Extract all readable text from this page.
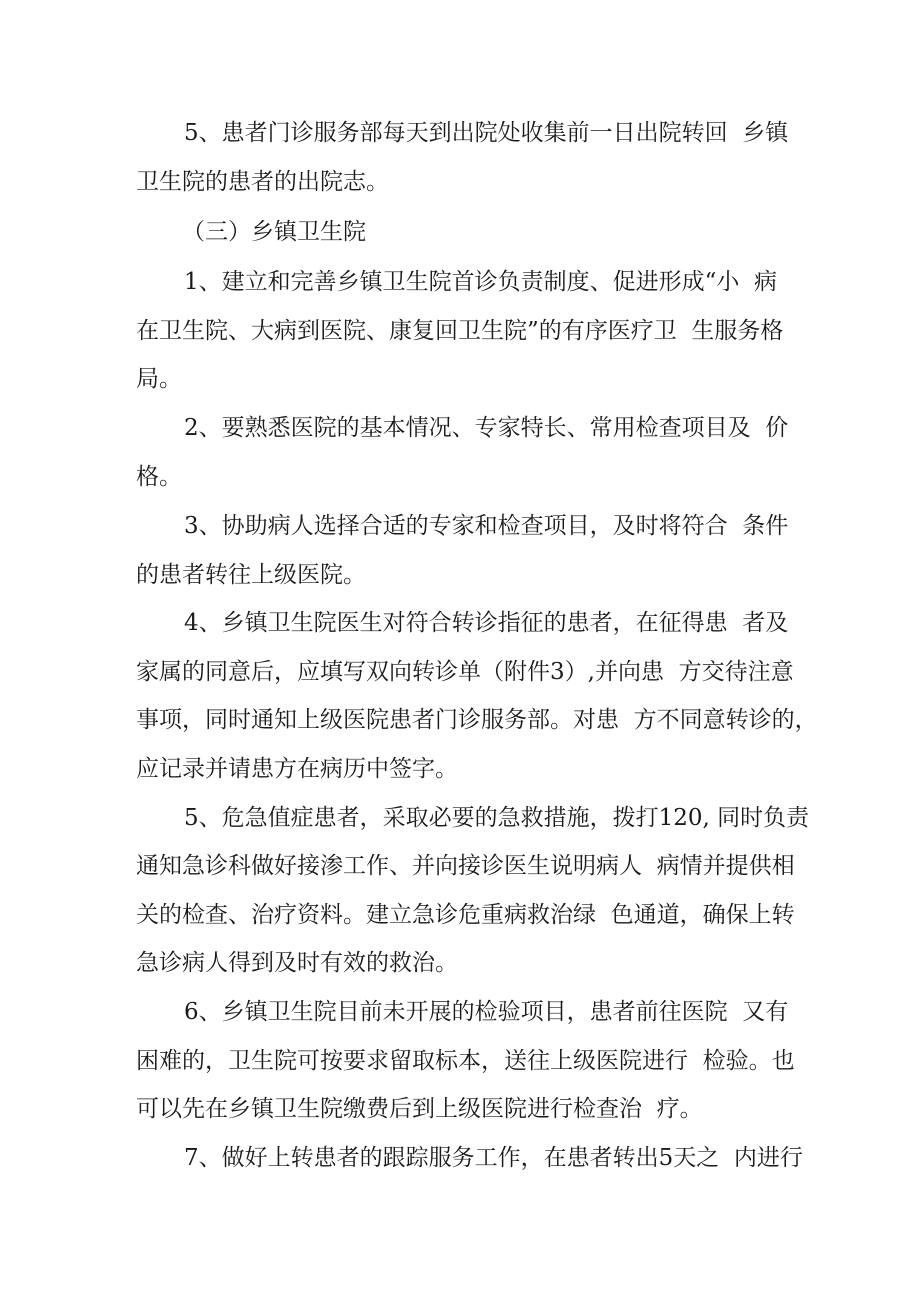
5、患者门诊服务部每天到出院处收集前一日出院转回  乡镇

卫生院的患者的出院志。

（三）乡镇卫生院

1、建立和完善乡镇卫生院首诊负责制度、促进形成“小  病

在卫生院、大病到医院、康复回卫生院”的有序医疗卫  生服务格

局。

2、要熟悉医院的基本情况、专家特长、常用检查项目及  价

格。

3、协助病人选择合适的专家和检查项目，及时将符合  条件

的患者转往上级医院。

4、乡镇卫生院医生对符合转诊指征的患者，在征得患  者及

家属的同意后，应填写双向转诊单（附件3）,并向患  方交待注意

事项，同时通知上级医院患者门诊服务部。对患  方不同意转诊的，

应记录并请患方在病历中签字。

5、危急值症患者，采取必要的急救措施，拨打120, 同时负责

通知急诊科做好接渗工作、并向接诊医生说明病人  病情并提供相

关的检查、治疗资料。建立急诊危重病救治绿  色通道，确保上转

急诊病人得到及时有效的救治。

6、乡镇卫生院目前未开展的检验项目，患者前往医院  又有

困难的，卫生院可按要求留取标本，送往上级医院进行  检验。也

可以先在乡镇卫生院缴费后到上级医院进行检查治  疗。

7、做好上转患者的跟踪服务工作，在患者转出5天之  内进行
